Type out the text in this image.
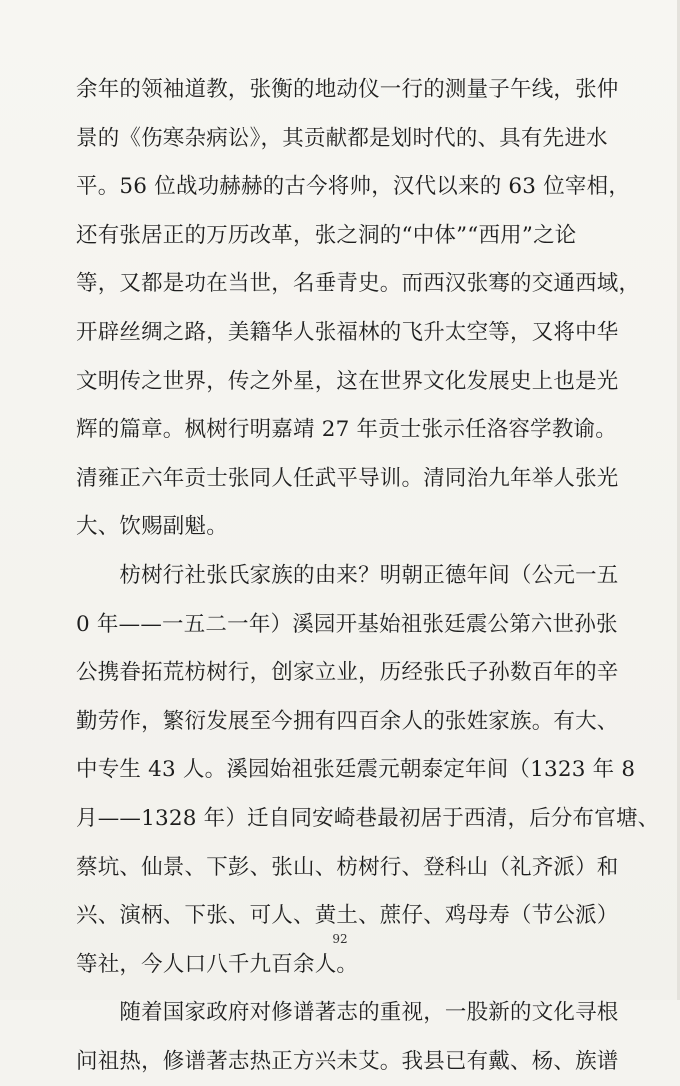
余年的领袖道教，张衡的地动仪一行的测量子午线，张仲
景的《伤寒杂病讼》，其贡献都是划时代的、具有先进水
平。56 位战功赫赫的古今将帅，汉代以来的 63 位宰相，
还有张居正的万历改革，张之洞的“中体”“西用”之论
等，又都是功在当世，名垂青史。而西汉张骞的交通西域，
开辟丝绸之路，美籍华人张福林的飞升太空等，又将中华
文明传之世界，传之外星，这在世界文化发展史上也是光
辉的篇章。枫树行明嘉靖 27 年贡士张示任洛容学教谕。
清雍正六年贡士张同人任武平导训。清同治九年举人张光
大、饮赐副魁。
　　枋树行社张氏家族的由来？明朝正德年间（公元一五
0 年——一五二一年）溪园开基始祖张廷震公第六世孙张
公携眷拓荒枋树行，创家立业，历经张氏子孙数百年的辛
勤劳作，繁衍发展至今拥有四百余人的张姓家族。有大、
中专生 43 人。溪园始祖张廷震元朝泰定年间（1323 年 8
月——1328 年）迁自同安崎巷最初居于西清，后分布官塘、
蔡坑、仙景、下彭、张山、枋树行、登科山（礼齐派）和
兴、演柄、下张、可人、黄土、蔗仔、鸡母寿（节公派）
等社，今人口八千九百余人。
　　随着国家政府对修谱著志的重视，一股新的文化寻根
问祖热，修谱著志热正方兴未艾。我县已有戴、杨、族谱
92
